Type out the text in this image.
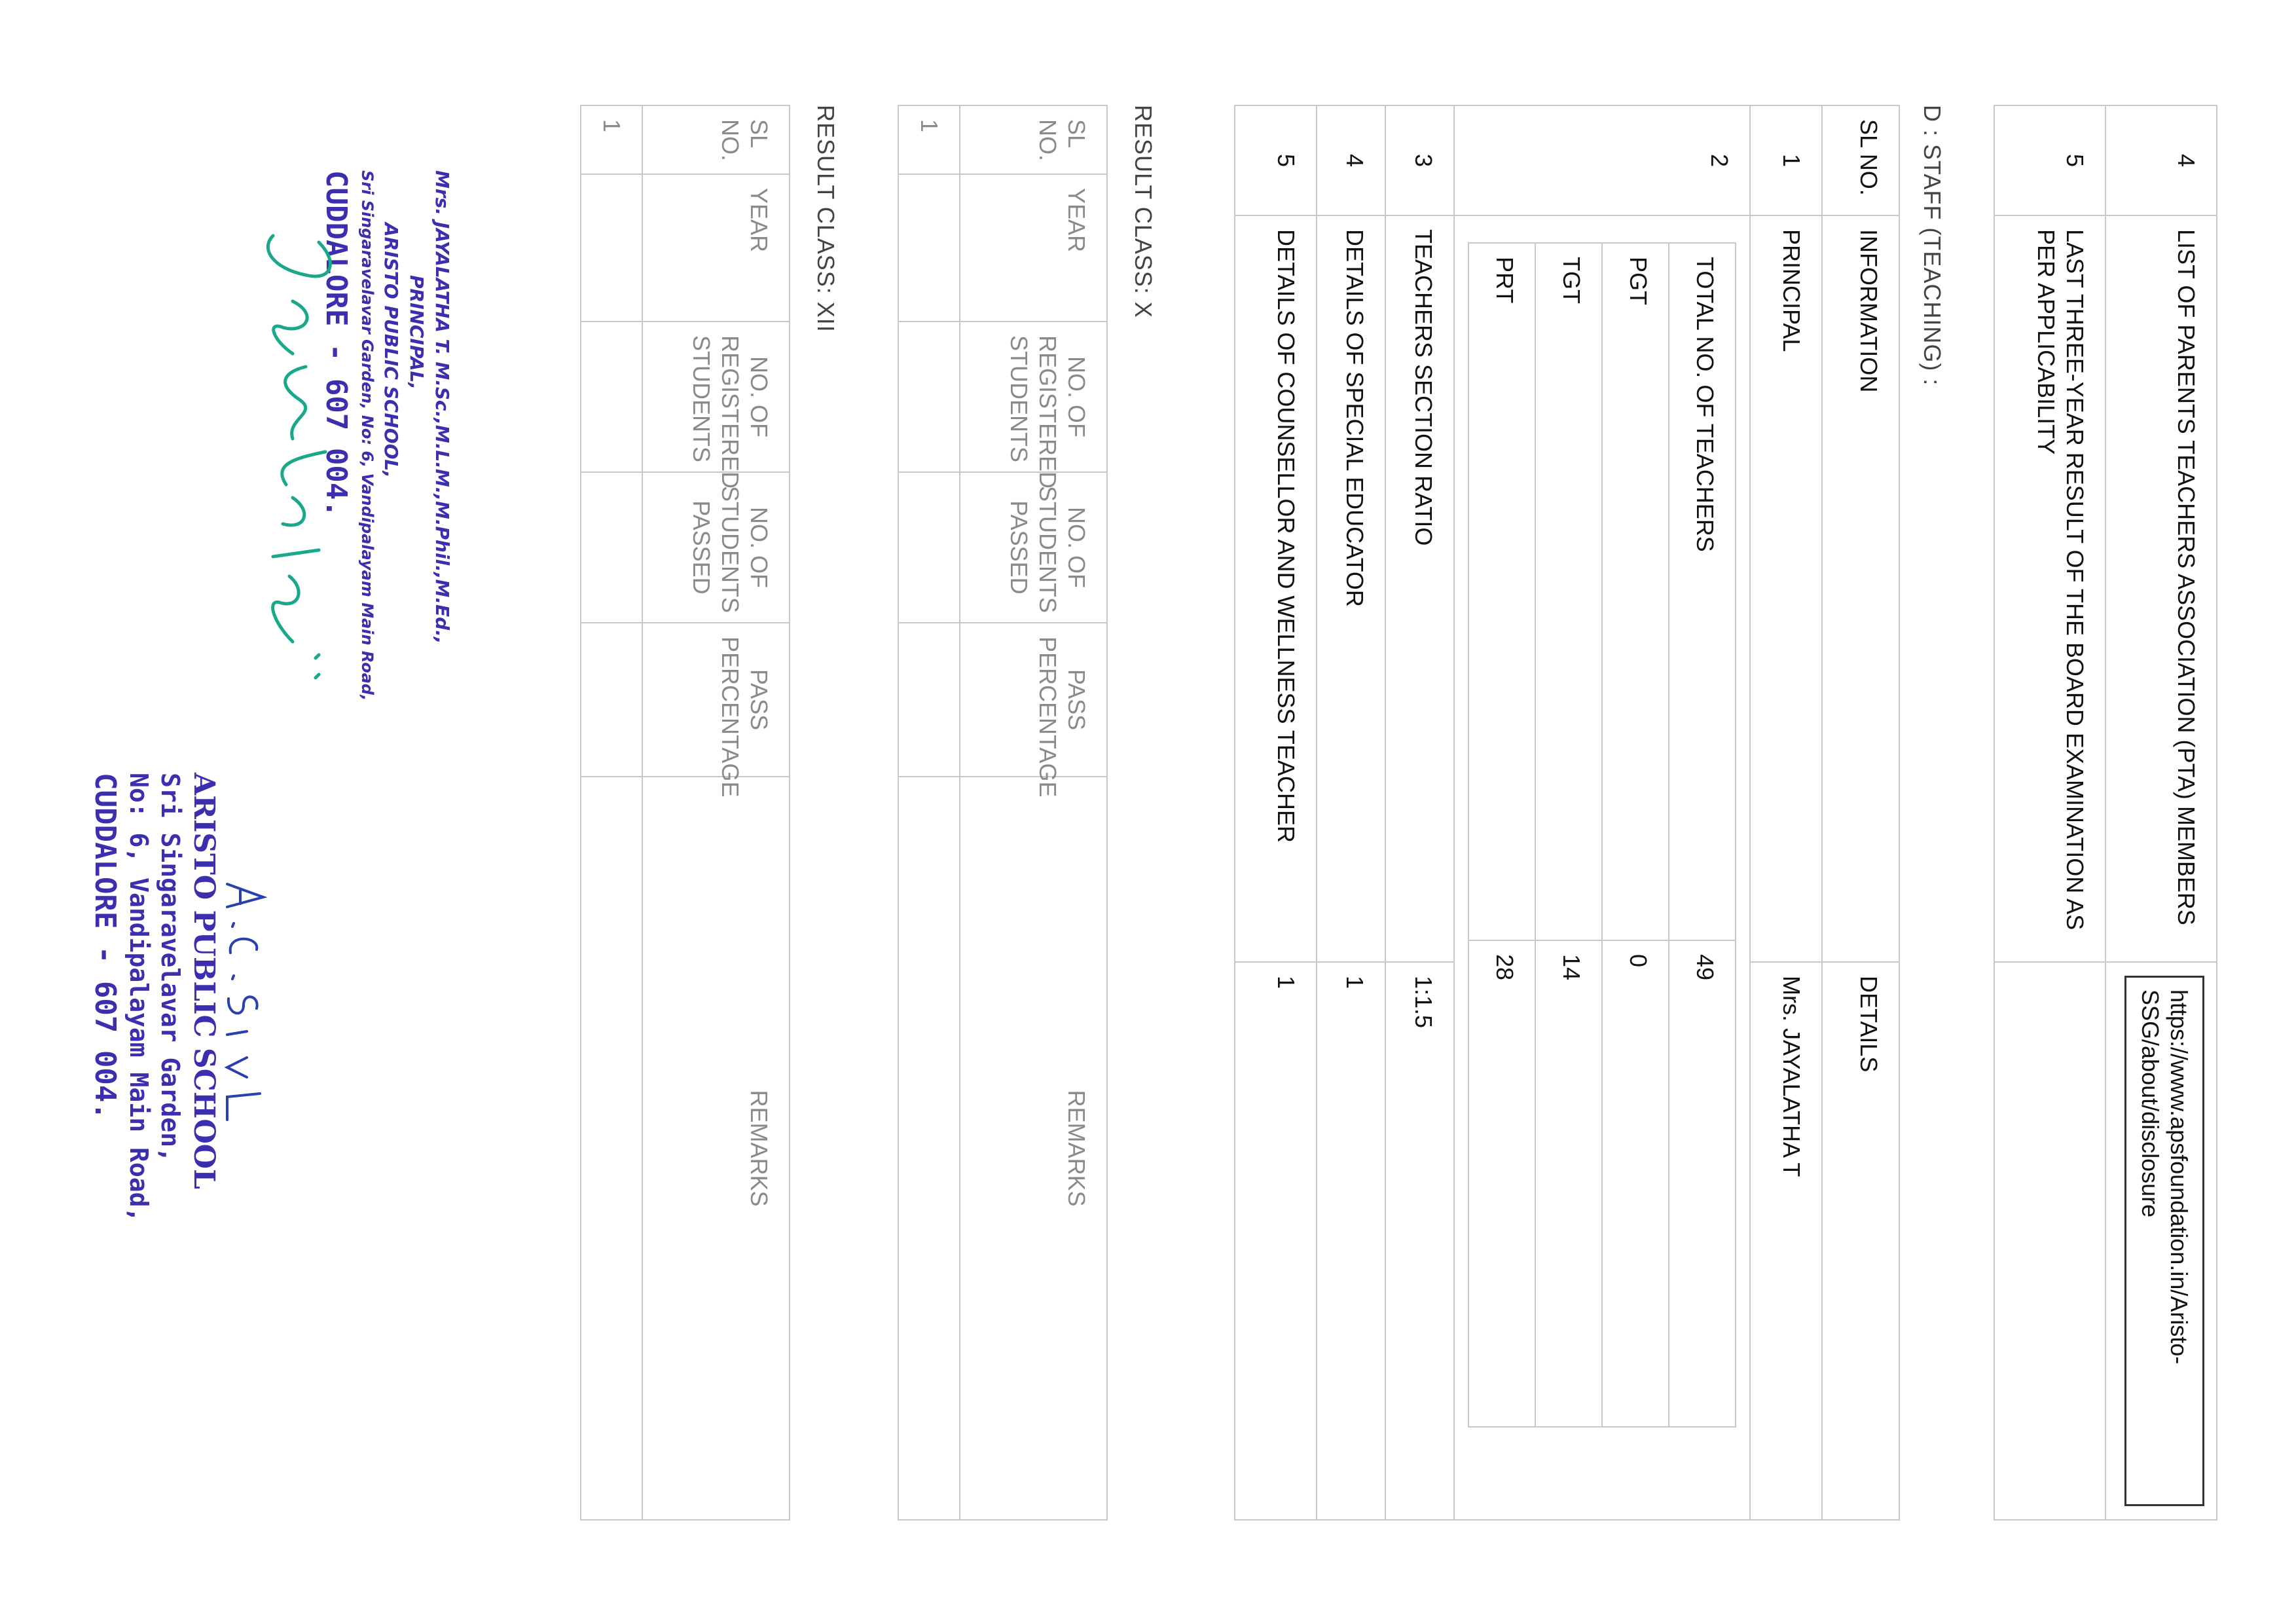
4	LIST OF PARENTS TEACHERS ASSOCIATION (PTA) MEMBERS	https://www.apsfoundation.in/Aristo-SSG/about/disclosure

5	LAST THREE-YEAR RESULT OF THE BOARD EXAMINATION AS PER APPLICABILITY	
D : STAFF (TEACHING) :
SL NO.	INFORMATION	DETAILS
1	PRINCIPAL	Mrs. JAYALATHA T
2	
TOTAL NO. OF TEACHERS	49
PGT	0
TGT	14
PRT	28

3	TEACHERS SECTION RATIO	1:1.5
4	DETAILS OF SPECIAL EDUCATOR	1
5	DETAILS OF COUNSELLOR AND WELLNESS TEACHER	1
RESULT CLASS: X
SL NO.	YEAR	NO. OF REGISTERED STUDENTS	NO. OF STUDENTS PASSED	PASS PERCENTAGE	REMARKS
1					
RESULT CLASS: XII
SL NO.	YEAR	NO. OF REGISTERED STUDENTS	NO. OF STUDENTS PASSED	PASS PERCENTAGE	REMARKS
1					
Mrs. JAYALATHA T. M.Sc.,M.L.M.,M.Phil.,M.Ed.,
PRINCIPAL,
ARISTO PUBLIC SCHOOL,
Sri Singaravelavar Garden, No: 6, Vandipalayam Main Road,
CUDDALORE - 607 004.
ARISTO PUBLIC SCHOOL
Sri Singaravelavar Garden,
No: 6, Vandipalayam Main Road,
CUDDALORE - 607 004.
